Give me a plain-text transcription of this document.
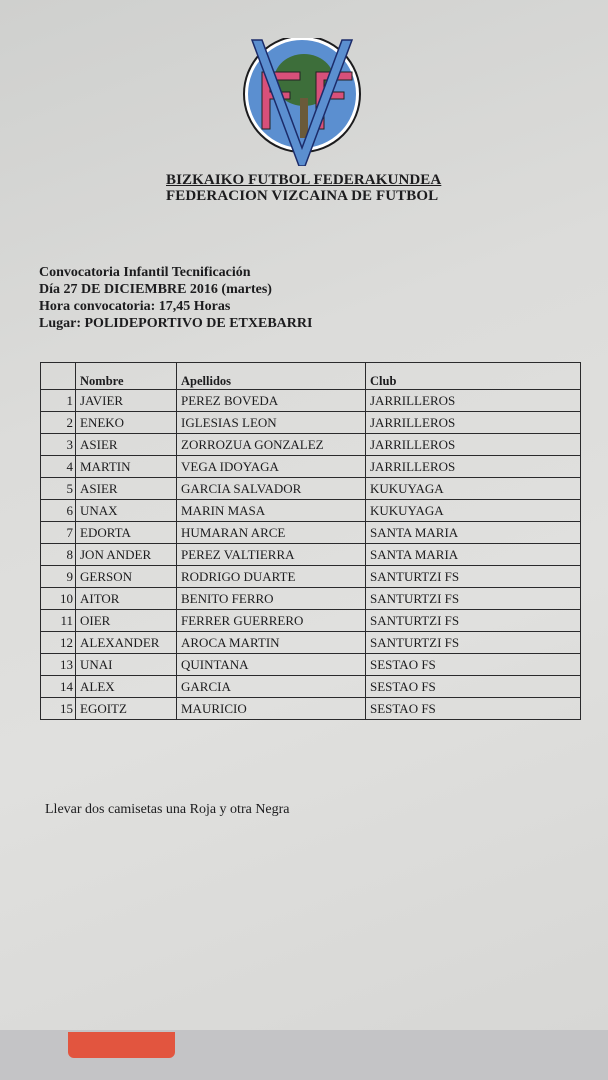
BIZKAIKO FUTBOL FEDERAKUNDEA
FEDERACION VIZCAINA DE FUTBOL
Convocatoria Infantil Tecnificación
Día 27 DE DICIEMBRE 2016 (martes)
Hora convocatoria: 17,45 Horas
Lugar: POLIDEPORTIVO DE ETXEBARRI
	Nombre	Apellidos	Club
1	JAVIER	PEREZ BOVEDA	JARRILLEROS
2	ENEKO	IGLESIAS LEON	JARRILLEROS
3	ASIER	ZORROZUA GONZALEZ	JARRILLEROS
4	MARTIN	VEGA IDOYAGA	JARRILLEROS
5	ASIER	GARCIA SALVADOR	KUKUYAGA
6	UNAX	MARIN MASA	KUKUYAGA
7	EDORTA	HUMARAN ARCE	SANTA MARIA
8	JON ANDER	PEREZ VALTIERRA	SANTA MARIA
9	GERSON	RODRIGO DUARTE	SANTURTZI FS
10	AITOR	BENITO FERRO	SANTURTZI FS
11	OIER	FERRER GUERRERO	SANTURTZI FS
12	ALEXANDER	AROCA MARTIN	SANTURTZI FS
13	UNAI	QUINTANA	SESTAO FS
14	ALEX	GARCIA	SESTAO FS
15	EGOITZ	MAURICIO	SESTAO FS
Llevar dos camisetas una Roja y otra Negra
